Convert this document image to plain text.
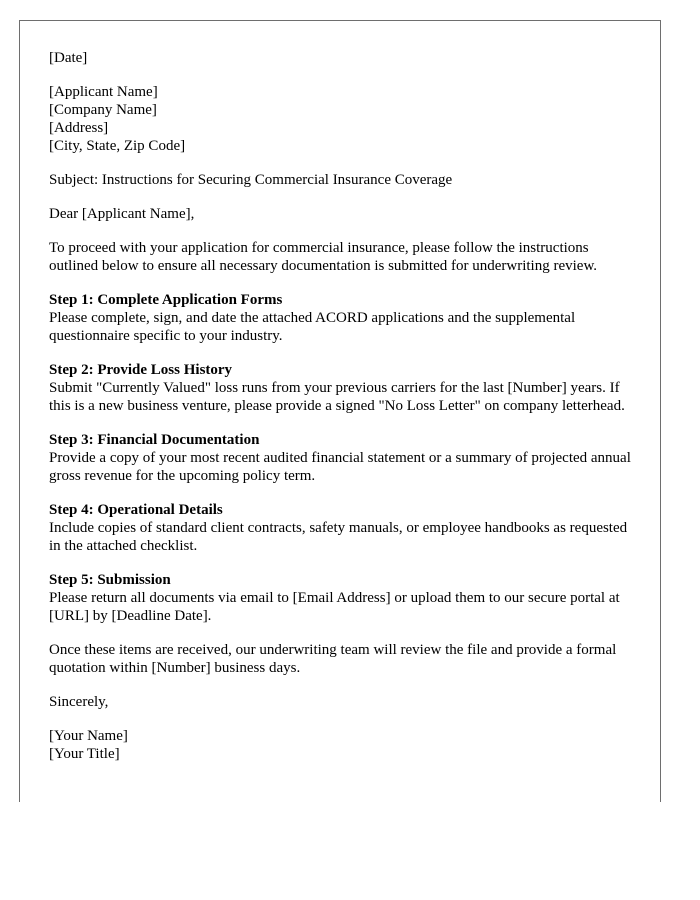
[Date]
[Applicant Name]
[Company Name]
[Address]
[City, State, Zip Code]

Subject: Instructions for Securing Commercial Insurance Coverage

Dear [Applicant Name],

To proceed with your application for commercial insurance, please follow the instructions outlined below to ensure all necessary documentation is submitted for underwriting review.

Step 1: Complete Application Forms
Please complete, sign, and date the attached ACORD applications and the supplemental questionnaire specific to your industry.
Step 2: Provide Loss History
Submit "Currently Valued" loss runs from your previous carriers for the last [Number] years. If this is a new business venture, please provide a signed "No Loss Letter" on company letterhead.
Step 3: Financial Documentation
Provide a copy of your most recent audited financial statement or a summary of projected annual gross revenue for the upcoming policy term.
Step 4: Operational Details
Include copies of standard client contracts, safety manuals, or employee handbooks as requested in the attached checklist.
Step 5: Submission
Please return all documents via email to [Email Address] or upload them to our secure portal at [URL] by [Deadline Date].

Once these items are received, our underwriting team will review the file and provide a formal quotation within [Number] business days.

Sincerely,

[Your Name]
[Your Title]
